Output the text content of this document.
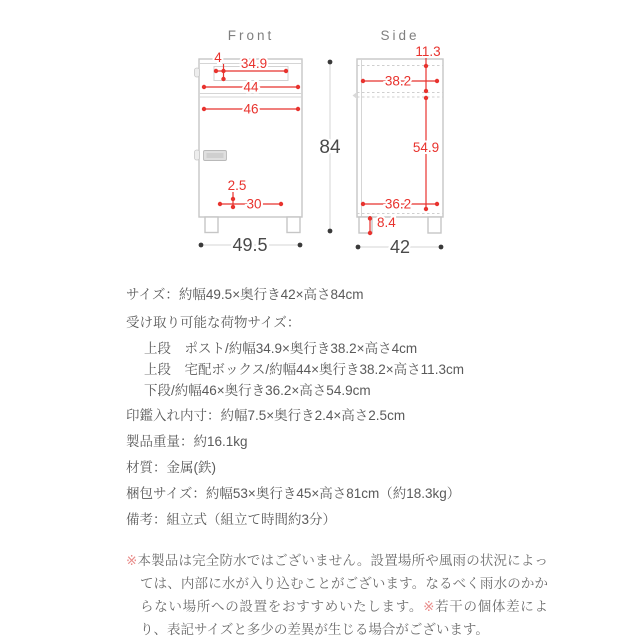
Front
4 34.9
44
46
2.5
30
49.5
84
Side
11.3
38.2
54.9
36.2
8.4
42
サイズ：約幅49.5×奥行き42×高さ84cm
受け取り可能な荷物サイズ：
上段　ポスト/約幅34.9×奥行き38.2×高さ4cm
上段　宅配ボックス/約幅44×奥行き38.2×高さ11.3cm
下段/約幅46×奥行き36.2×高さ54.9cm
印鑑入れ内寸：約幅7.5×奥行き2.4×高さ2.5cm
製品重量：約16.1kg
材質：金属(鉄)
梱包サイズ：約幅53×奥行き45×高さ81cm（約18.3kg）
備考：組立式（組立て時間約3分）

※本製品は完全防水ではございません。設置場所や風雨の状況によっては、内部に水が入り込むことがございます。なるべく雨水のかからない場所への設置をおすすめいたします。※若干の個体差により、表記サイズと多少の差異が生じる場合がございます。
